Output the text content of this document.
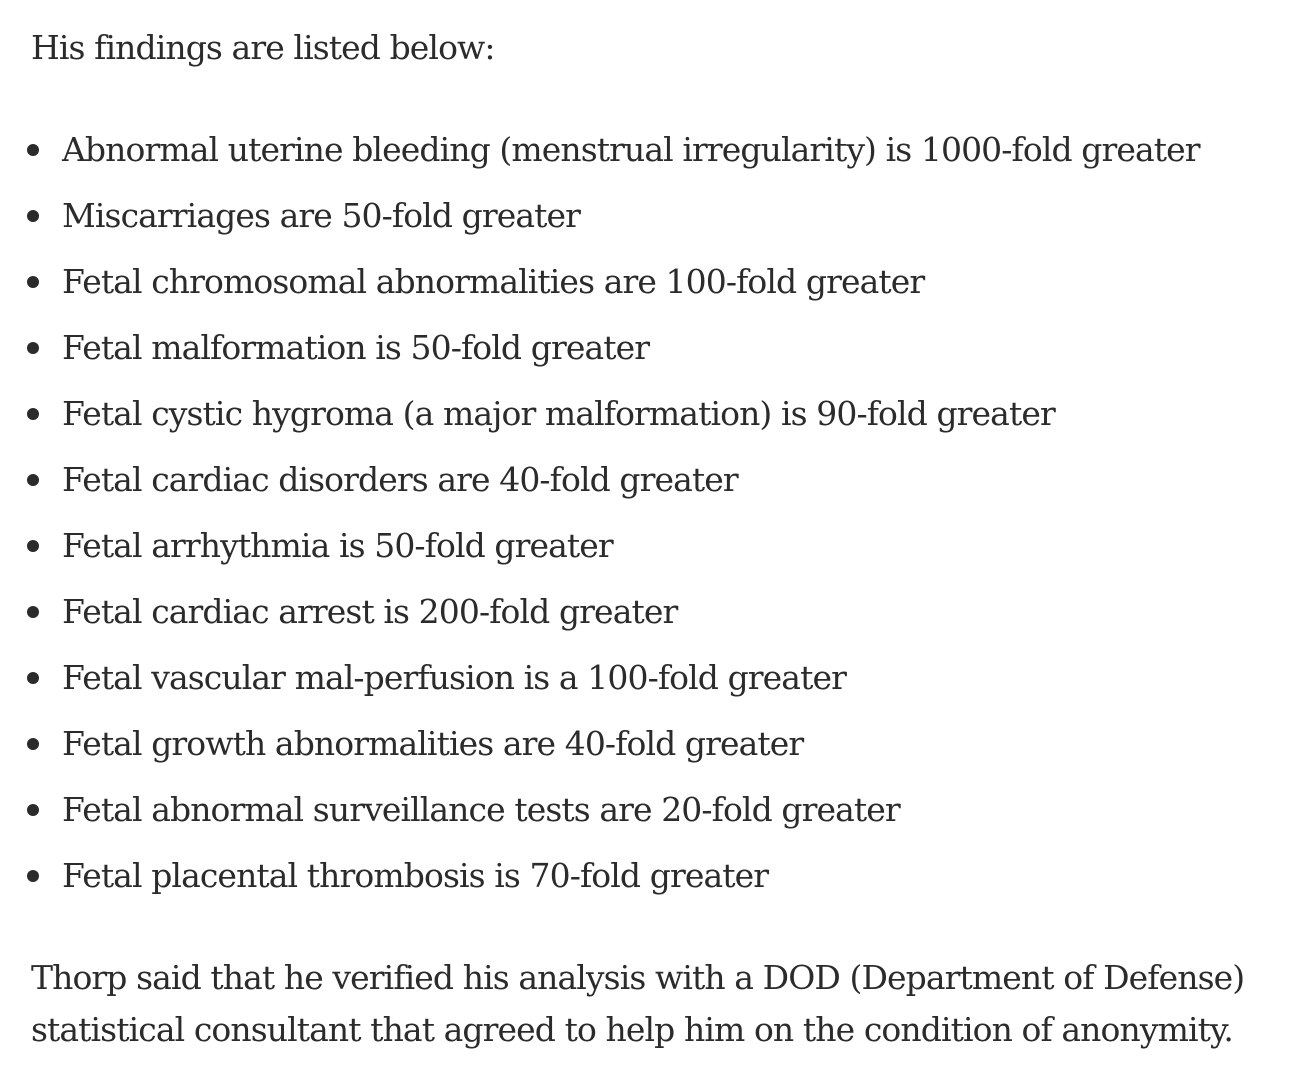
His findings are listed below:

Abnormal uterine bleeding (menstrual irregularity) is 1000-fold greater
Miscarriages are 50-fold greater
Fetal chromosomal abnormalities are 100-fold greater
Fetal malformation is 50-fold greater
Fetal cystic hygroma (a major malformation) is 90-fold greater
Fetal cardiac disorders are 40-fold greater
Fetal arrhythmia is 50-fold greater
Fetal cardiac arrest is 200-fold greater
Fetal vascular mal-perfusion is a 100-fold greater
Fetal growth abnormalities are 40-fold greater
Fetal abnormal surveillance tests are 20-fold greater
Fetal placental thrombosis is 70-fold greater

Thorp said that he verified his analysis with a DOD (Department of Defense) statistical consultant that agreed to help him on the condition of anonymity.
